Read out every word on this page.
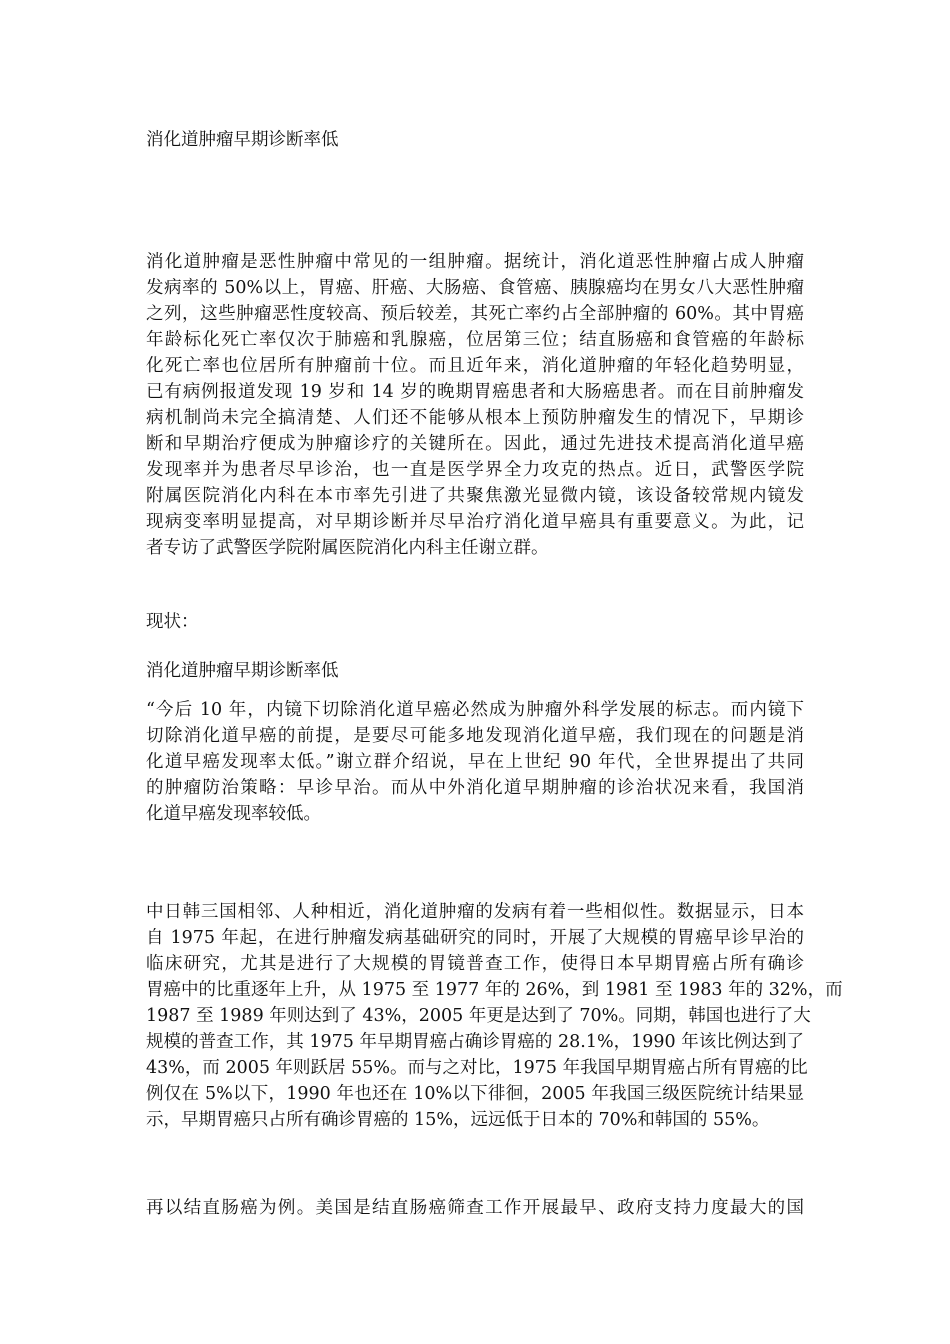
消化道肿瘤早期诊断率低
消化道肿瘤是恶性肿瘤中常见的一组肿瘤。据统计，消化道恶性肿瘤占成人肿瘤
发病率的 50%以上，胃癌、肝癌、大肠癌、食管癌、胰腺癌均在男女八大恶性肿瘤
之列，这些肿瘤恶性度较高、预后较差，其死亡率约占全部肿瘤的 60%。其中胃癌
年龄标化死亡率仅次于肺癌和乳腺癌，位居第三位；结直肠癌和食管癌的年龄标
化死亡率也位居所有肿瘤前十位。而且近年来，消化道肿瘤的年轻化趋势明显，
已有病例报道发现 19 岁和 14 岁的晚期胃癌患者和大肠癌患者。而在目前肿瘤发
病机制尚未完全搞清楚、人们还不能够从根本上预防肿瘤发生的情况下，早期诊
断和早期治疗便成为肿瘤诊疗的关键所在。因此，通过先进技术提高消化道早癌
发现率并为患者尽早诊治，也一直是医学界全力攻克的热点。近日，武警医学院
附属医院消化内科在本市率先引进了共聚焦激光显微内镜，该设备较常规内镜发
现病变率明显提高，对早期诊断并尽早治疗消化道早癌具有重要意义。为此，记
者专访了武警医学院附属医院消化内科主任谢立群。
现状：
消化道肿瘤早期诊断率低
“今后 10 年，内镜下切除消化道早癌必然成为肿瘤外科学发展的标志。而内镜下
切除消化道早癌的前提，是要尽可能多地发现消化道早癌，我们现在的问题是消
化道早癌发现率太低。”谢立群介绍说，早在上世纪 90 年代，全世界提出了共同
的肿瘤防治策略：早诊早治。而从中外消化道早期肿瘤的诊治状况来看，我国消
化道早癌发现率较低。
中日韩三国相邻、人种相近，消化道肿瘤的发病有着一些相似性。数据显示，日本
自 1975 年起，在进行肿瘤发病基础研究的同时，开展了大规模的胃癌早诊早治的
临床研究，尤其是进行了大规模的胃镜普查工作，使得日本早期胃癌占所有确诊
胃癌中的比重逐年上升，从 1975 至 1977 年的 26%，到 1981 至 1983 年的 32%，而
1987 至 1989 年则达到了 43%，2005 年更是达到了 70%。同期，韩国也进行了大
规模的普查工作，其 1975 年早期胃癌占确诊胃癌的 28.1%，1990 年该比例达到了
43%，而 2005 年则跃居 55%。而与之对比，1975 年我国早期胃癌占所有胃癌的比
例仅在 5%以下，1990 年也还在 10%以下徘徊，2005 年我国三级医院统计结果显
示，早期胃癌只占所有确诊胃癌的 15%，远远低于日本的 70%和韩国的 55%。
再以结直肠癌为例。美国是结直肠癌筛查工作开展最早、政府支持力度最大的国
